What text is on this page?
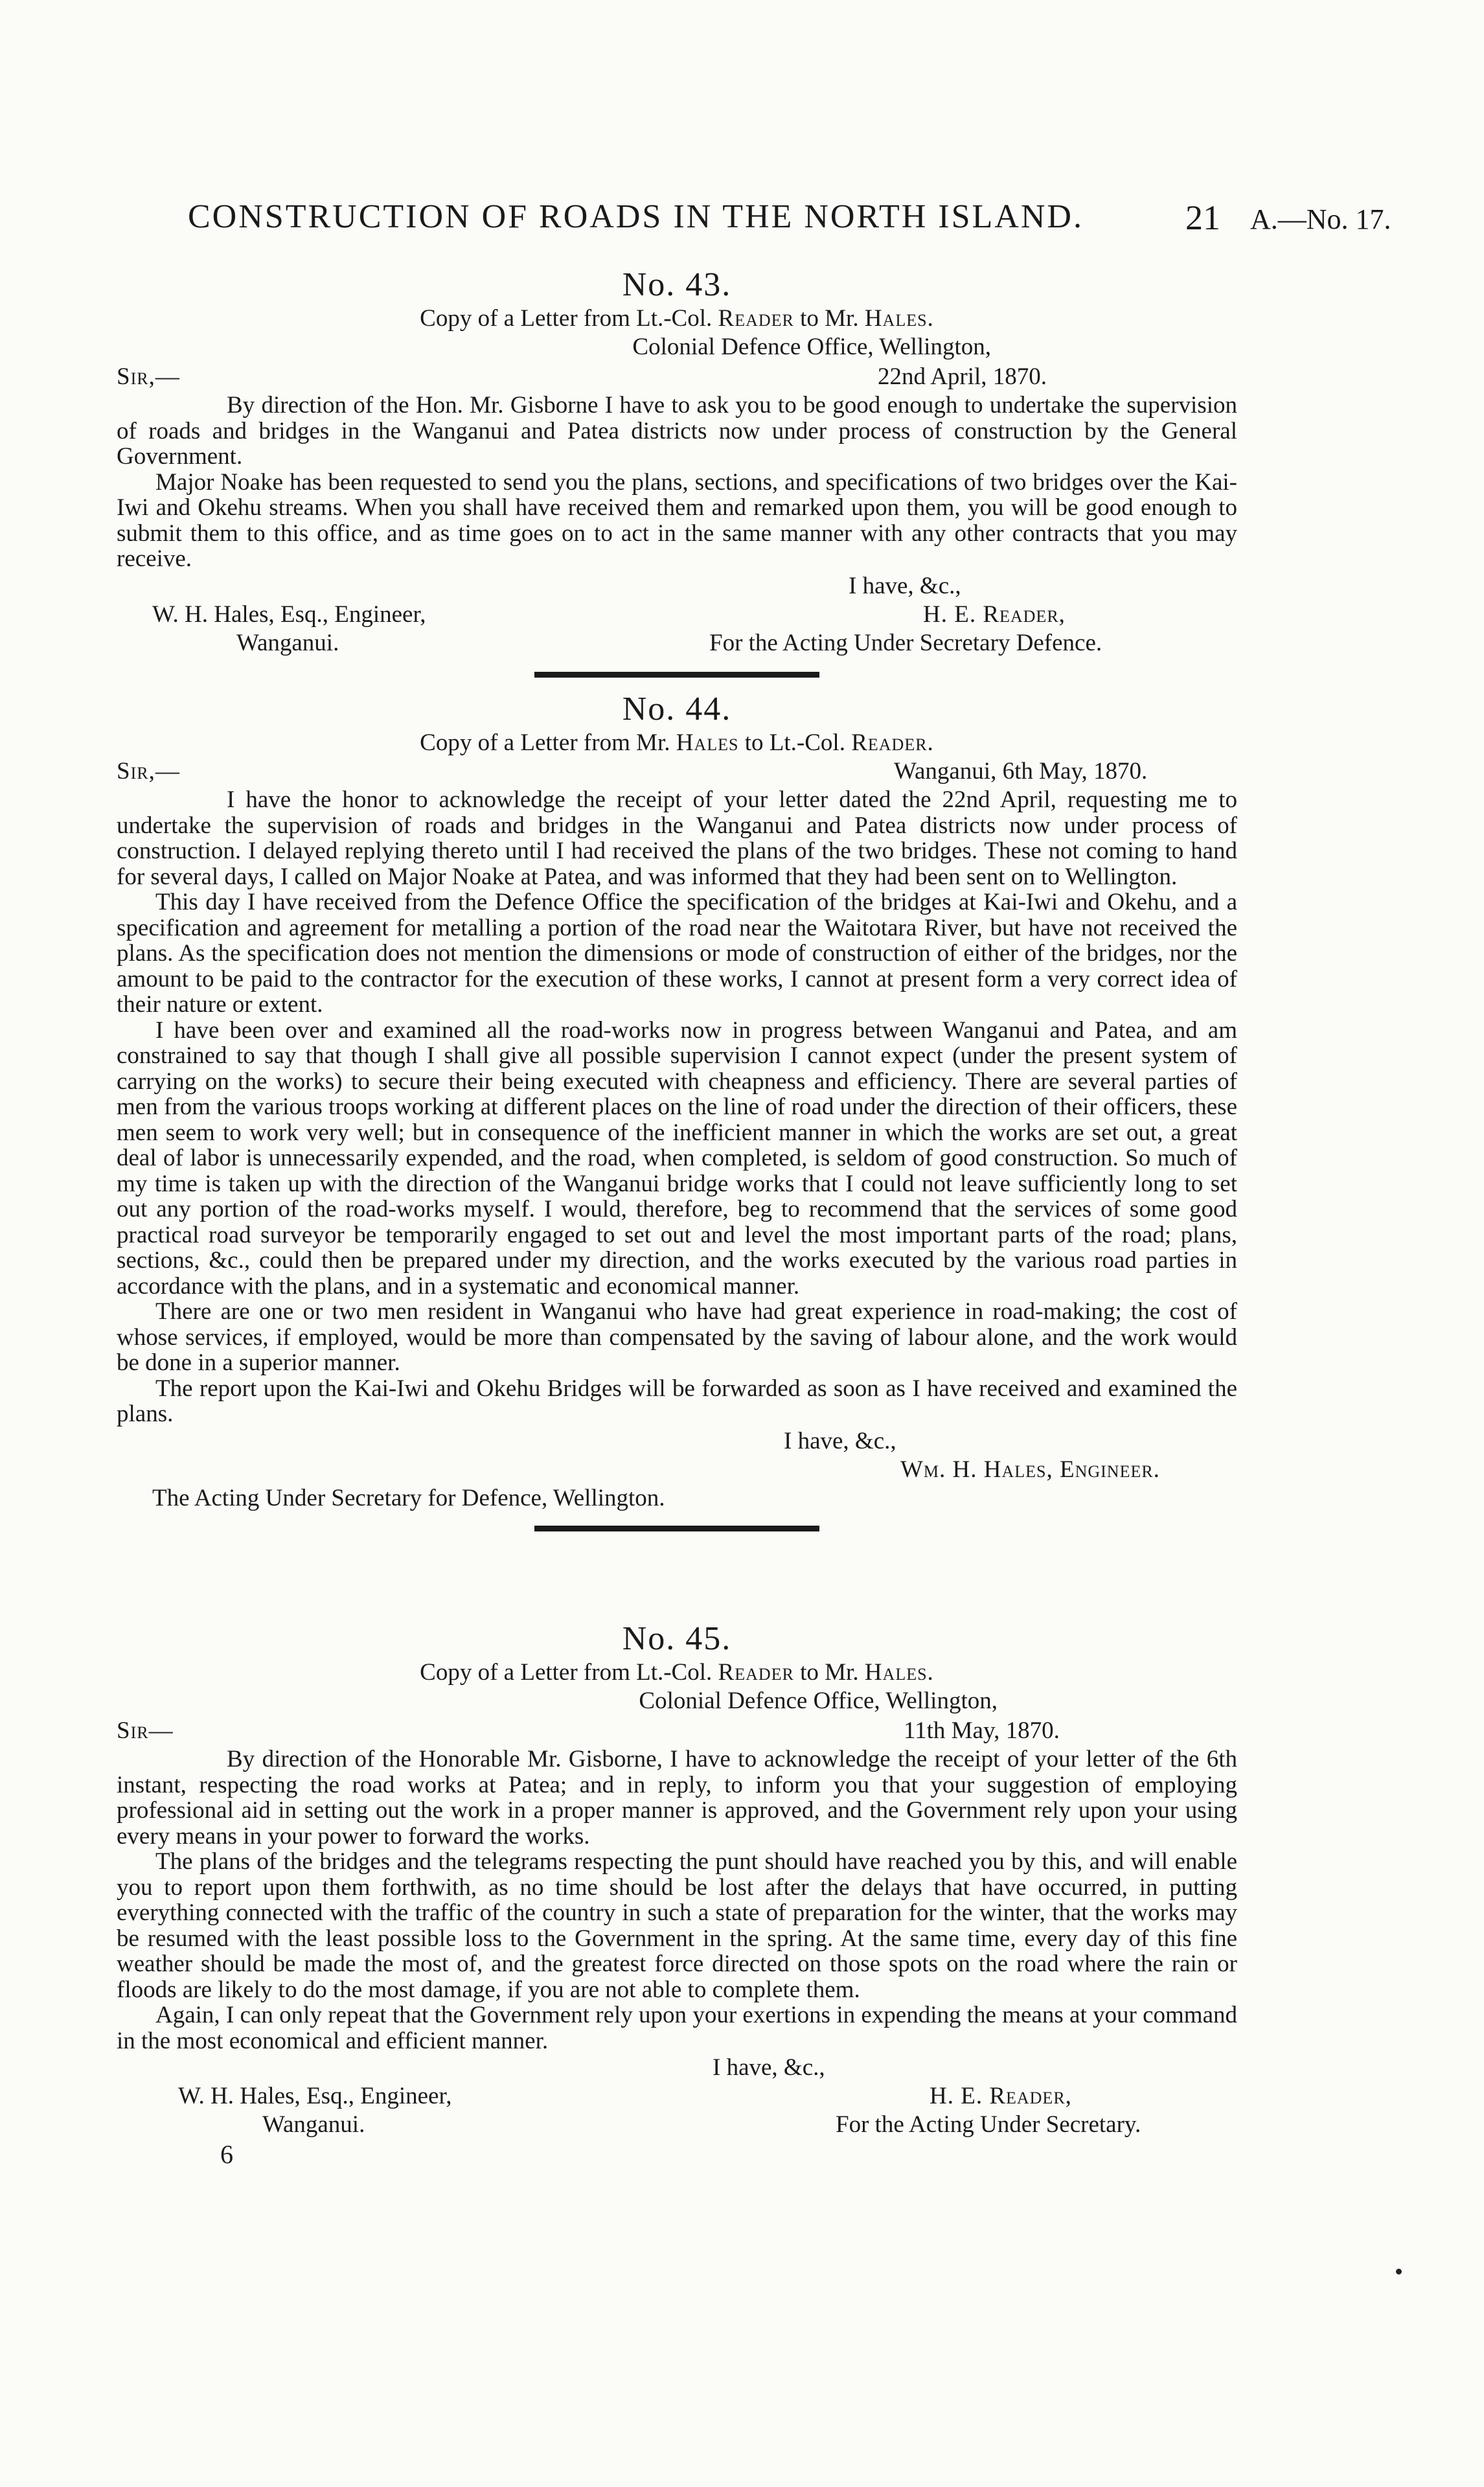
CONSTRUCTION OF ROADS IN THE NORTH ISLAND.	21 A.—No. 17.
No. 43.
Copy of a Letter from Lt.-Col. Reader to Mr. Hales.
Colonial Defence Office, Wellington,
Sir,—	22nd April, 1870.

By direction of the Hon. Mr. Gisborne I have to ask you to be good enough to undertake the supervision of roads and bridges in the Wanganui and Patea districts now under process of construction by the General Government.

Major Noake has been requested to send you the plans, sections, and specifications of two bridges over the Kai-Iwi and Okehu streams. When you shall have received them and remarked upon them, you will be good enough to submit them to this office, and as time goes on to act in the same manner with any other contracts that you may receive.

I have, &c.,
W. H. Hales, Esq., Engineer,	H. E. Reader,
Wanganui.	For the Acting Under Secretary Defence.
No. 44.
Copy of a Letter from Mr. Hales to Lt.-Col. Reader.
Sir,—	Wanganui, 6th May, 1870.

I have the honor to acknowledge the receipt of your letter dated the 22nd April, requesting me to undertake the supervision of roads and bridges in the Wanganui and Patea districts now under process of construction. I delayed replying thereto until I had received the plans of the two bridges. These not coming to hand for several days, I called on Major Noake at Patea, and was informed that they had been sent on to Wellington.

This day I have received from the Defence Office the specification of the bridges at Kai-Iwi and Okehu, and a specification and agreement for metalling a portion of the road near the Waitotara River, but have not received the plans. As the specification does not mention the dimensions or mode of construction of either of the bridges, nor the amount to be paid to the contractor for the execution of these works, I cannot at present form a very correct idea of their nature or extent.

I have been over and examined all the road-works now in progress between Wanganui and Patea, and am constrained to say that though I shall give all possible supervision I cannot expect (under the present system of carrying on the works) to secure their being executed with cheapness and efficiency. There are several parties of men from the various troops working at different places on the line of road under the direction of their officers, these men seem to work very well; but in consequence of the inefficient manner in which the works are set out, a great deal of labor is unnecessarily expended, and the road, when completed, is seldom of good construction. So much of my time is taken up with the direction of the Wanganui bridge works that I could not leave sufficiently long to set out any portion of the road-works myself. I would, therefore, beg to recommend that the services of some good practical road surveyor be temporarily engaged to set out and level the most important parts of the road; plans, sections, &c., could then be prepared under my direction, and the works executed by the various road parties in accordance with the plans, and in a systematic and economical manner.

There are one or two men resident in Wanganui who have had great experience in road-making; the cost of whose services, if employed, would be more than compensated by the saving of labour alone, and the work would be done in a superior manner.

The report upon the Kai-Iwi and Okehu Bridges will be forwarded as soon as I have received and examined the plans.

I have, &c.,
Wm. H. Hales, Engineer.
The Acting Under Secretary for Defence, Wellington.
No. 45.
Copy of a Letter from Lt.-Col. Reader to Mr. Hales.
Colonial Defence Office, Wellington,
Sir—	11th May, 1870.

By direction of the Honorable Mr. Gisborne, I have to acknowledge the receipt of your letter of the 6th instant, respecting the road works at Patea; and in reply, to inform you that your suggestion of employing professional aid in setting out the work in a proper manner is approved, and the Government rely upon your using every means in your power to forward the works.

The plans of the bridges and the telegrams respecting the punt should have reached you by this, and will enable you to report upon them forthwith, as no time should be lost after the delays that have occurred, in putting everything connected with the traffic of the country in such a state of preparation for the winter, that the works may be resumed with the least possible loss to the Government in the spring. At the same time, every day of this fine weather should be made the most of, and the greatest force directed on those spots on the road where the rain or floods are likely to do the most damage, if you are not able to complete them.

Again, I can only repeat that the Government rely upon your exertions in expending the means at your command in the most economical and efficient manner.

I have, &c.,
W. H. Hales, Esq., Engineer,	H. E. Reader,
Wanganui.	For the Acting Under Secretary.
6
